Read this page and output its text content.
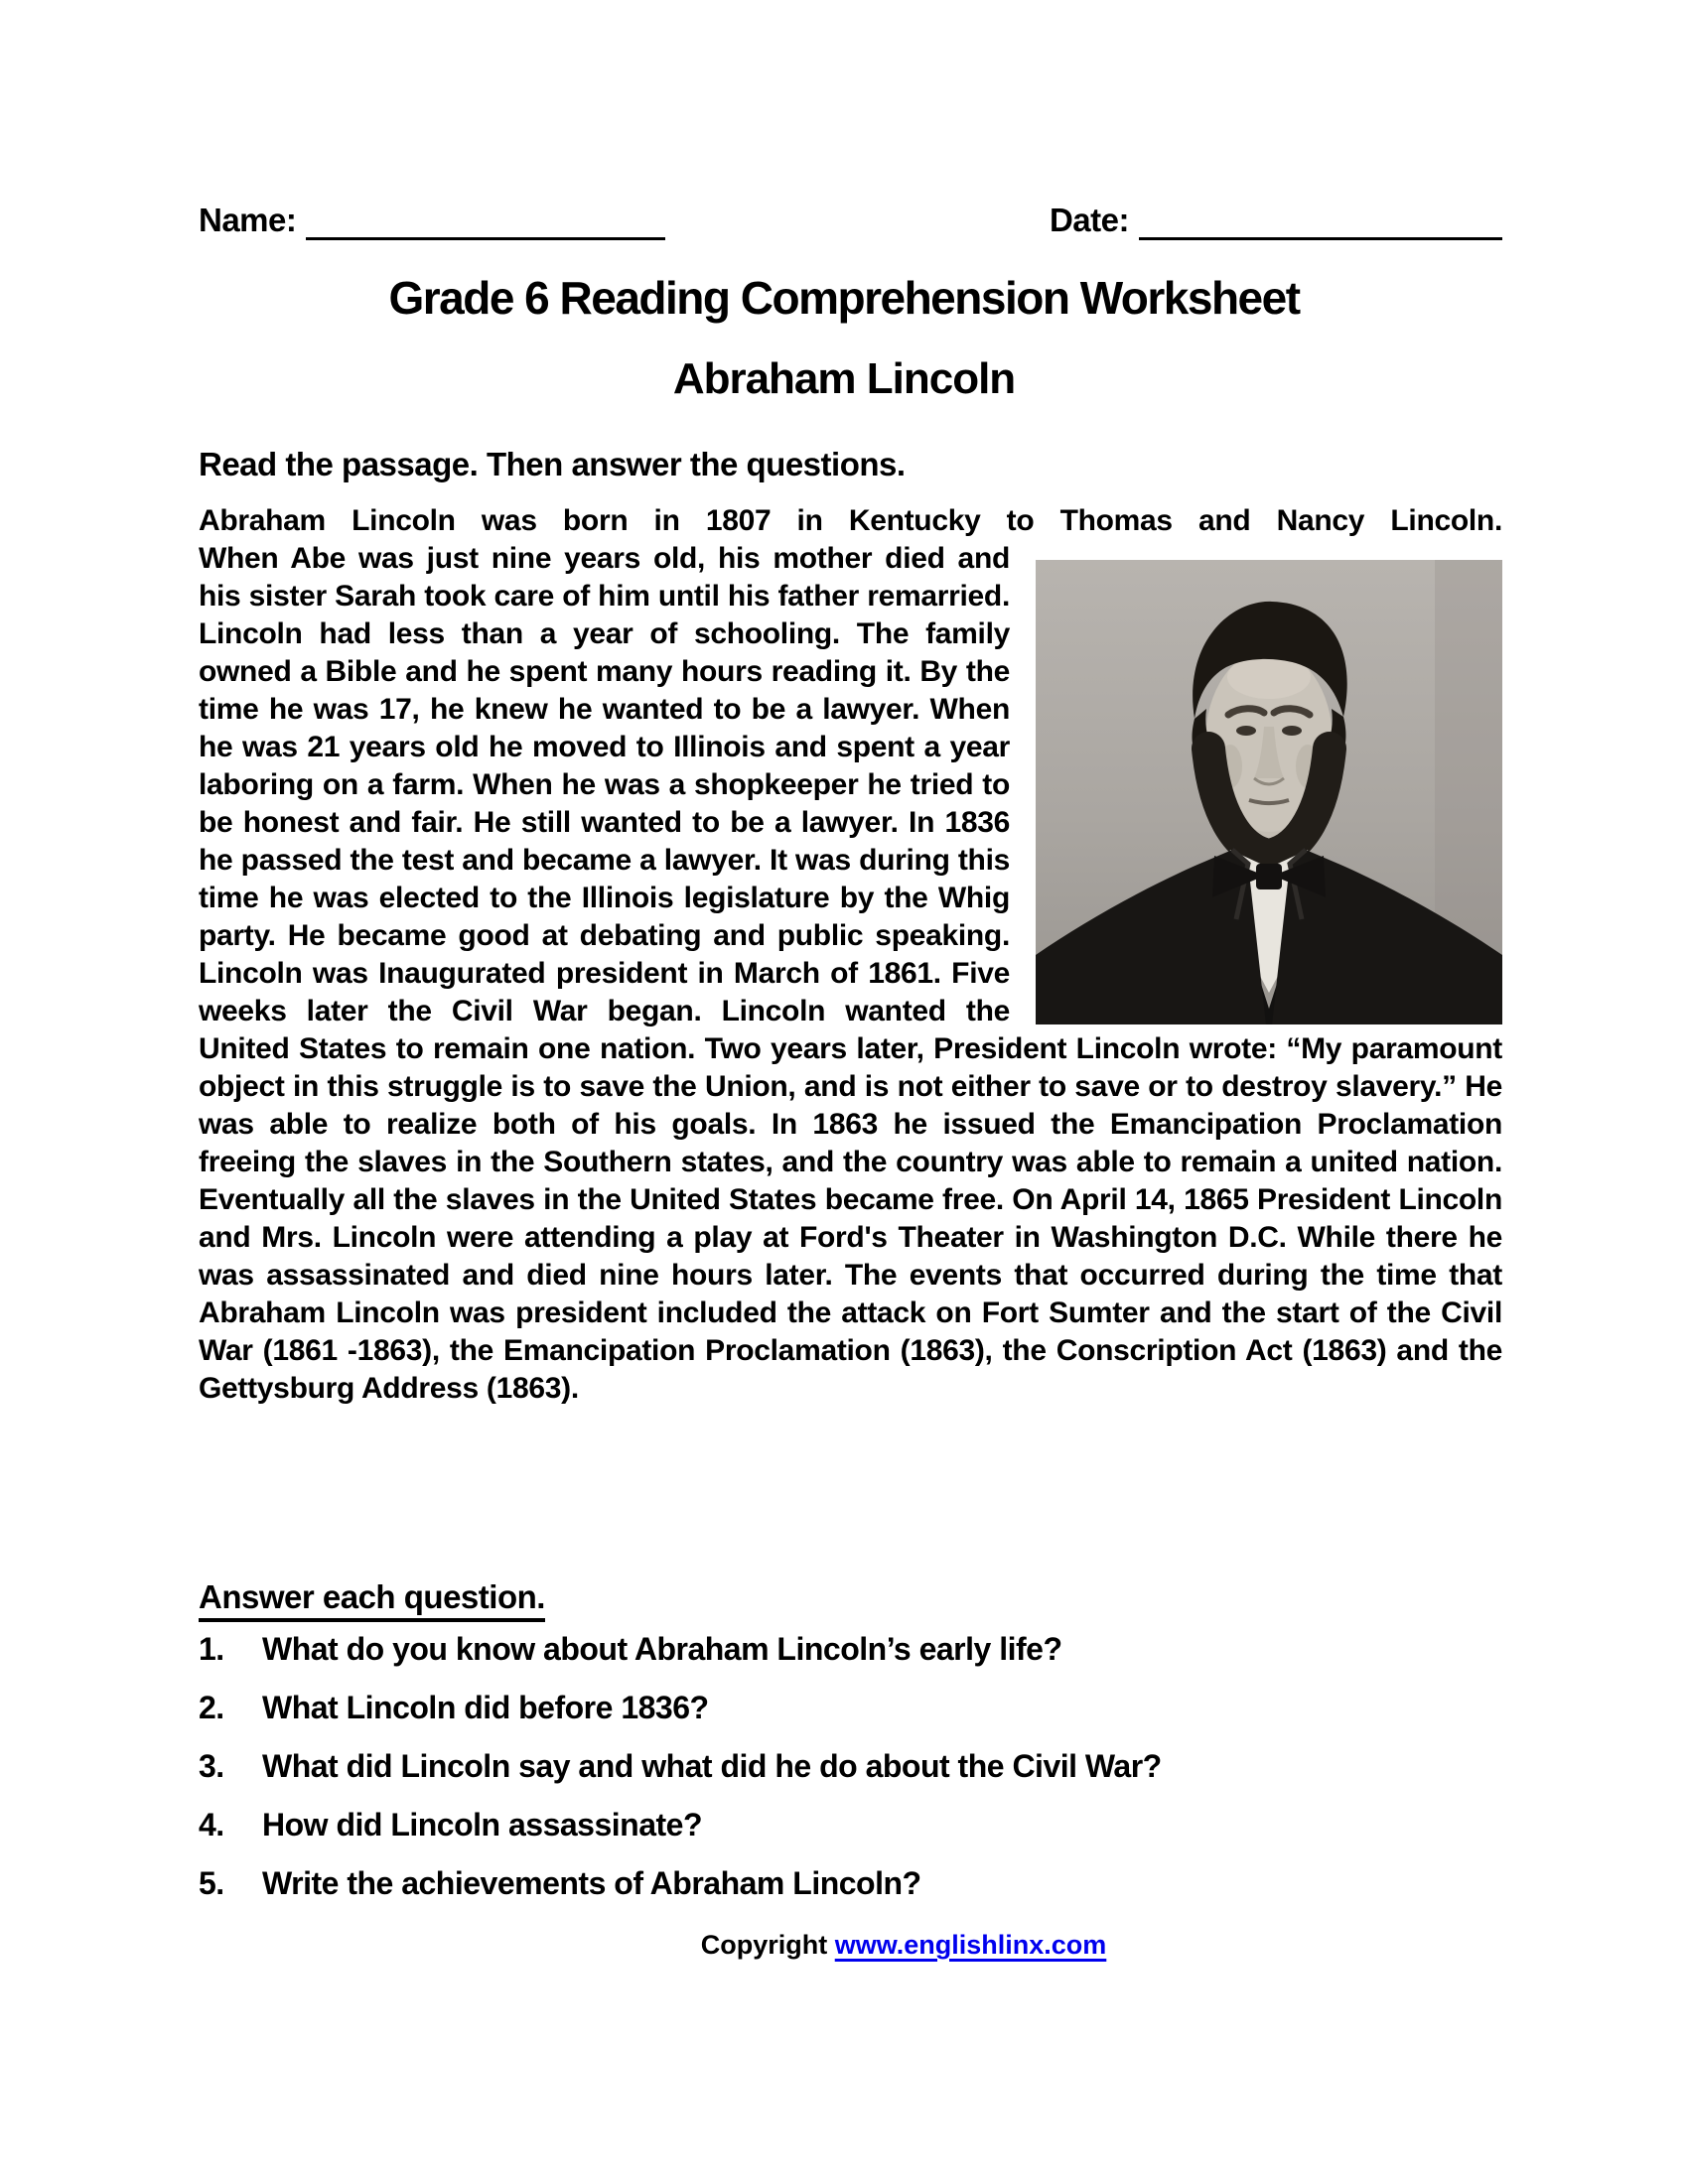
Name:	Date:
Grade 6 Reading Comprehension Worksheet
Abraham Lincoln
Read the passage. Then answer the questions.

Abraham Lincoln was born in 1807 in Kentucky to Thomas and Nancy Lincoln.

When Abe was just nine years old, his mother died and his sister Sarah took care of him until his father remarried. Lincoln had less than a year of schooling. The family owned a Bible and he spent many hours reading it. By the time he was 17, he knew he wanted to be a lawyer. When he was 21 years old he moved to Illinois and spent a year laboring on a farm. When he was a shopkeeper he tried to be honest and fair. He still wanted to be a lawyer. In 1836 he passed the test and became a lawyer. It was during this time he was elected to the Illinois legislature by the Whig party. He became good at debating and public speaking. Lincoln was Inaugurated president in March of 1861. Five weeks later the Civil War began. Lincoln wanted the United States to remain one nation. Two years later, President Lincoln wrote: “My paramount object in this struggle is to save the Union, and is not either to save or to destroy slavery.” He was able to realize both of his goals. In 1863 he issued the Emancipation Proclamation freeing the slaves in the Southern states, and the country was able to remain a united nation. Eventually all the slaves in the United States became free. On April 14, 1865 President Lincoln and Mrs. Lincoln were attending a play at Ford's Theater in Washington D.C. While there he was assassinated and died nine hours later. The events that occurred during the time that Abraham Lincoln was president included the attack on Fort Sumter and the start of the Civil War (1861 -1863), the Emancipation Proclamation (1863), the Conscription Act (1863) and the Gettysburg Address (1863).
Answer each question.
1.	What do you know about Abraham Lincoln’s early life?
2.	What Lincoln did before 1836?
3.	What did Lincoln say and what did he do about the Civil War?
4.	How did Lincoln assassinate?
5.	Write the achievements of Abraham Lincoln?
Copyright www.englishlinx.com
